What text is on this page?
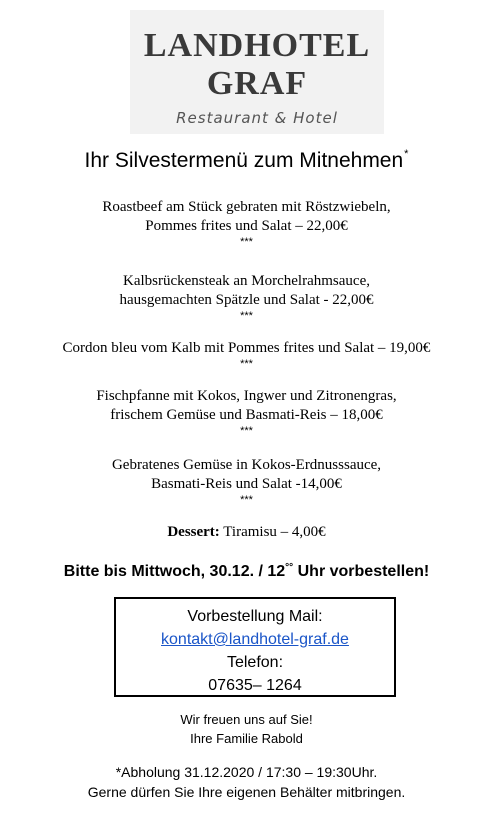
LANDHOTEL
GRAF
Restaurant & Hotel
Ihr Silvestermenü zum Mitnehmen*
Roastbeef am Stück gebraten mit Röstzwiebeln,
Pommes frites und Salat – 22,00€
***
Kalbsrückensteak an Morchelrahmsauce,
hausgemachten Spätzle und Salat - 22,00€
***
Cordon bleu vom Kalb mit Pommes frites und Salat – 19,00€
***
Fischpfanne mit Kokos, Ingwer und Zitronengras,
frischem Gemüse und Basmati-Reis – 18,00€
***
Gebratenes Gemüse in Kokos-Erdnusssauce,
Basmati-Reis und Salat -14,00€
***
Dessert: Tiramisu – 4,00€
Bitte bis Mittwoch, 30.12. / 12°° Uhr vorbestellen!
Vorbestellung Mail:
kontakt@landhotel-graf.de
Telefon:
07635– 1264
Wir freuen uns auf Sie!
Ihre Familie Rabold
*Abholung 31.12.2020 / 17:30 – 19:30Uhr.
Gerne dürfen Sie Ihre eigenen Behälter mitbringen.
